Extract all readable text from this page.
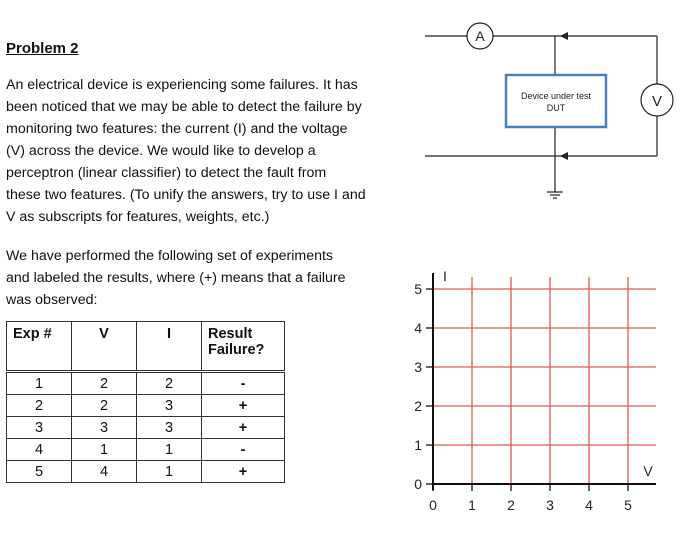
Problem 2

An electrical device is experiencing some failures. It has
been noticed that we may be able to detect the failure by
monitoring two features: the current (I) and the voltage
(V) across the device. We would like to develop a
perceptron (linear classifier) to detect the fault from
these two features. (To unify the answers, try to use I and
V as subscripts for features, weights, etc.)

We have performed the following set of experiments
and labeled the results, where (+) means that a failure
was observed:

Exp #	V	I	Result Failure?
1	2	2	-
2	2	3	+
3	3	3	+
4	1	1	-
5	4	1	+
A
V
Device under test
DUT
0 1 2 3 4 5
0
1
2
3
4
5
V
I
